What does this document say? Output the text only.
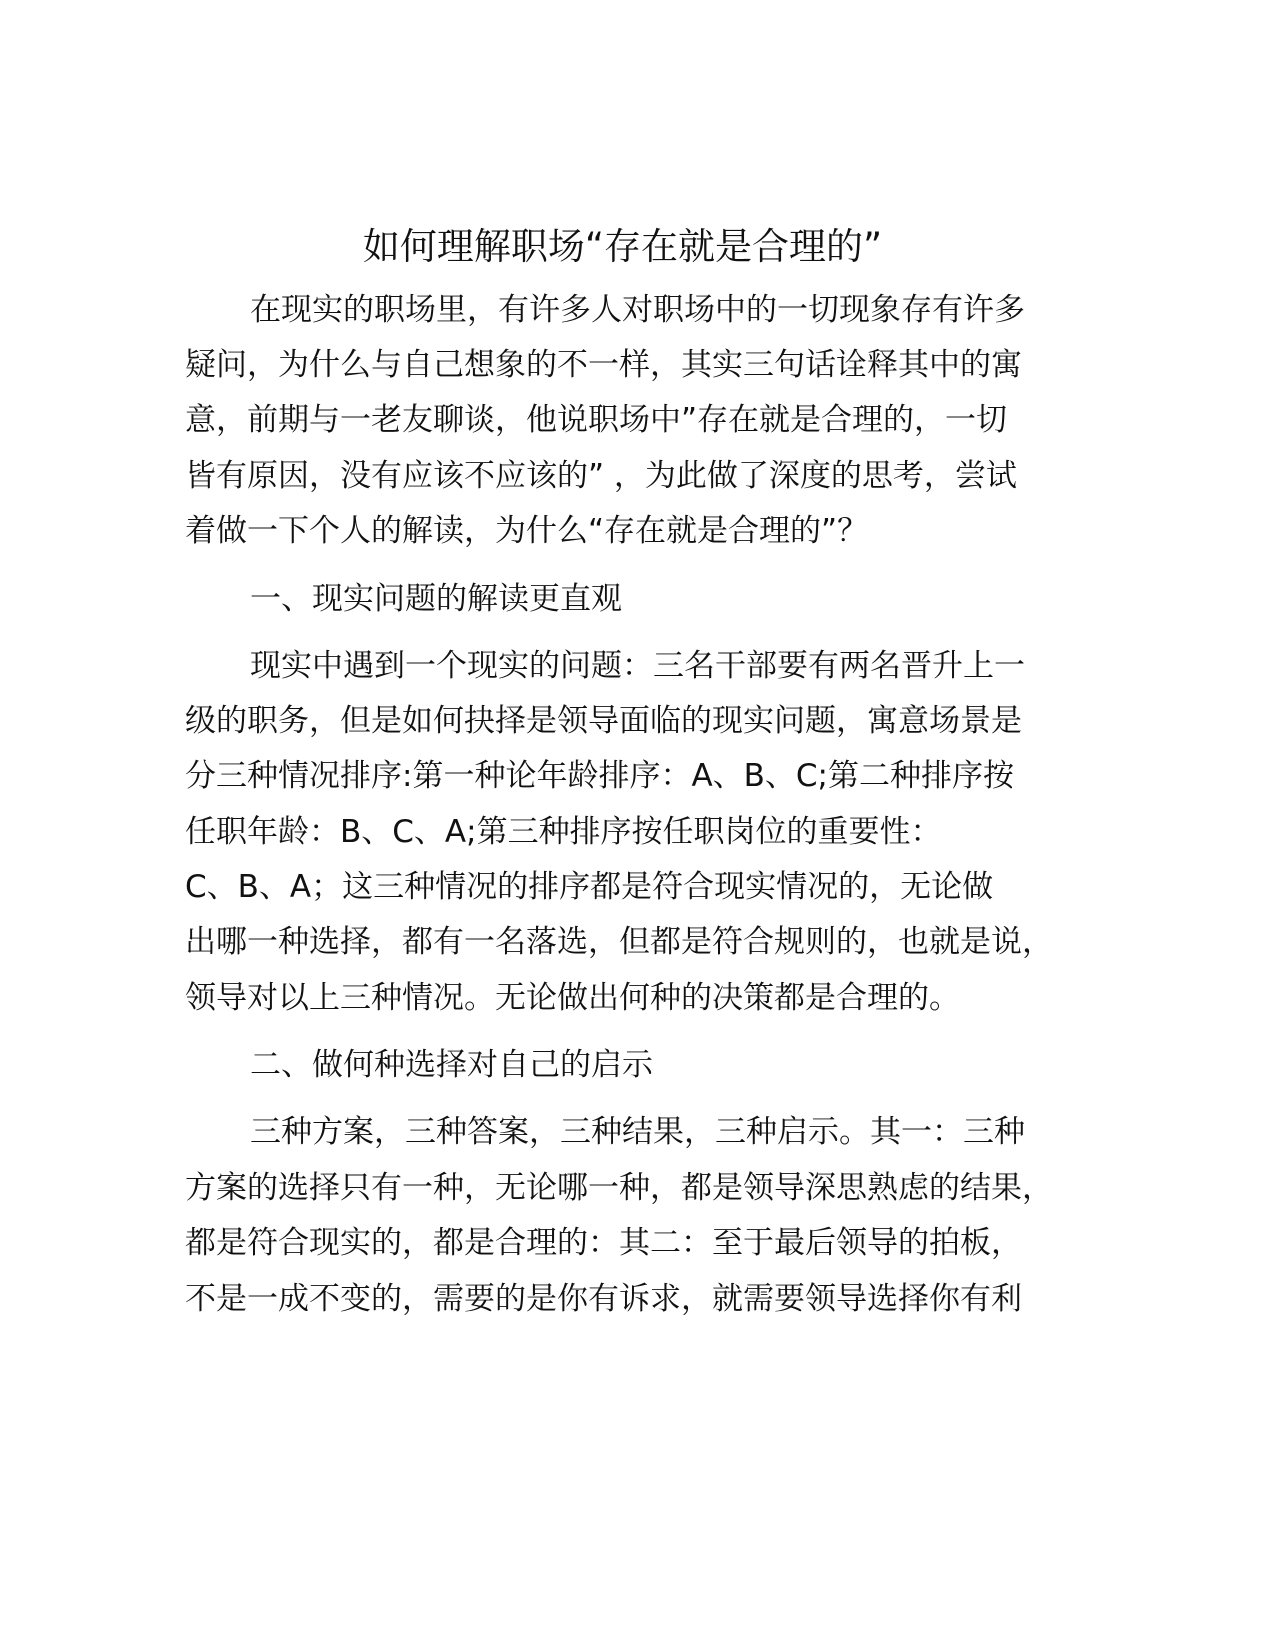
如何理解职场“存在就是合理的”
在现实的职场里，有许多人对职场中的一切现象存有许多
疑问，为什么与自己想象的不一样，其实三句话诠释其中的寓
意，前期与一老友聊谈，他说职场中”存在就是合理的，一切
皆有原因，没有应该不应该的” ，为此做了深度的思考，尝试
着做一下个人的解读，为什么“存在就是合理的”？
一、现实问题的解读更直观
现实中遇到一个现实的问题：三名干部要有两名晋升上一
级的职务，但是如何抉择是领导面临的现实问题，寓意场景是
分三种情况排序:第一种论年龄排序：A、B、C;第二种排序按
任职年龄：B、C、A;第三种排序按任职岗位的重要性：
C、B、A；这三种情况的排序都是符合现实情况的，无论做
出哪一种选择，都有一名落选，但都是符合规则的，也就是说，
领导对以上三种情况。无论做出何种的决策都是合理的。
二、做何种选择对自己的启示
三种方案，三种答案，三种结果，三种启示。其一：三种
方案的选择只有一种，无论哪一种，都是领导深思熟虑的结果，
都是符合现实的，都是合理的：其二：至于最后领导的拍板，
不是一成不变的，需要的是你有诉求，就需要领导选择你有利
